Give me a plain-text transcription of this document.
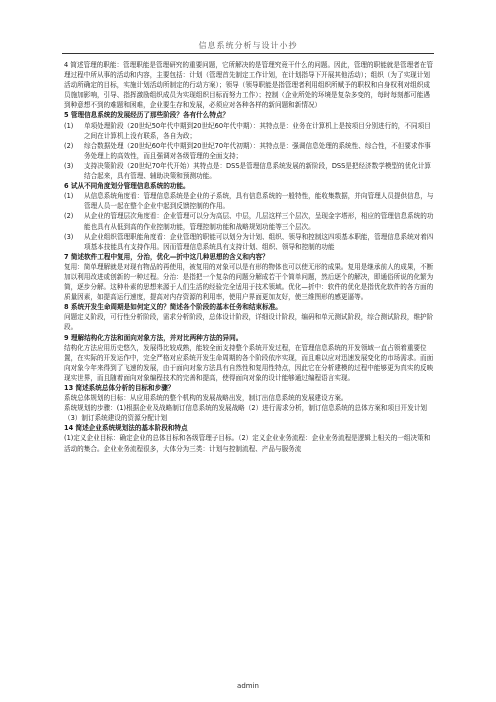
信息系统分析与设计小抄
4 简述管理的职能：管理职能是管理研究的重要问题，它所解决的是管理究竟干什么的问题。因此，管理的职能就是管理者在管理过程中所从事的活动和内容，主要包括：计划（管理首先制定工作计划，在计划指导下开展其他活动）；组织（为了实现计划活动所确定的目标，实施计划活动所制定的行动方案）；领导（领导职能是指管理者利用组织所赋予的职权和自身权利对组织成员施加影响，引导、指挥激励组织成员为实现组织目标而努力工作）；控制（企业所处的环境是复杂多变的，每时每刻都可能遇到种意想不到的难题和困难，企业要生存和发展，必须应对各种各样的新问题和新情况）
5 管理信息系统的发展经历了那些阶段？各有什么特点？
(1)	单项处理阶段（20世纪50年代中期到20世纪60年代中期）：其特点是：业务在计算机上是按项目分别进行的，不同项目之间在计算机上没有联系，各自为政；
(2)	综合数据处理（20世纪60年代中期到20世纪70年代初期）：其特点是：强调信息处理的系统性、综合性，不但要求作事务处理上的高效性，而且强调对各级管理的全面支持；
(3)	支持决策阶段（20世纪70年代开始）其特点是：DSS是管理信息系统发展的新阶段，DSS是把经济数学模型的优化计算结合起来，具有管理、辅助决策和预测功能。
6 试从不同角度划分管理信息系统的功能。
(1)	从信息系统角度看：管理信息系统是企业的子系统，具有信息系统的一般特性，能收集数据，并向管理人员提供信息，与管理人员一起在整个企业中起到反馈控制的作用。
(2)	从企业的管理层次角度看：企业管理可以分为高层、中层，几层这样三个层次，呈现金字塔形，相应的管理信息系统的功能也具有从低到高的作业控制功能，管理控制功能和战略规划功能等三个层次。
(3)	从企业组织管理职能角度看：企业管理的职能可以划分为计划、组织、领导和控制这四项基本职能，管理信息系统对着四项基本技能具有支持作用。因而管理信息系统具有支持计划、组织、领导和控制的功能
7 简述软件工程中复用，分治，优化—折中这几种思想的含义和内容？
复用：简单理解就是对现有物品的再使用，被复用的对象可以是有形的物体也可以使无形的成果。复用是继承前人的成果，不断加以利用改进或创新的一种过程。分治：是指把一个复杂的问题分解成若干个简单问题，然后逐个的解决，即通俗所说的化繁为简，逐步分解。这种朴素的思想来源于人们生活的经验完全适用于技术领域。优化—折中：软件的优化是指优化软件的各方面的质量因素，如提高运行速度，提高对内存资源的利用率，使用户界面更加友好，使三维图形的感更逼等。
8 系统开发生命周期是如何定义的？简述各个阶段的基本任务和结束标准。
问题定义阶段，可行性分析阶段，需求分析阶段，总体设计阶段，详细设计阶段，编码和单元测试阶段，综合测试阶段，维护阶段。
9 理解结构化方法和面向对象方法，并对比两种方法的异同。
结构化方法应用历史悠久，发展得比较成熟，能较全面支持整个系统开发过程，在管理信息系统的开发领域一直占领着重要位置，在实际的开发运作中，完全严格对应系统开发生命周期的各个阶段依序实现，而且难以应对迅速发展变化的市场需求。而面向对象今年来得到了飞速的发展，由于面向对象方法具有自然性和复用性特点，因此它在分析建模的过程中能够更为真实的反映现实世界，而且随着面向对象编程技术的完善和提高，使得面向对象的设计能够通过编程语言实现。
13 简述系统总体分析的目标和步骤？
系统总体规划的目标：从应用系统的整个机构的发展战略出发，制订出信息系统的发展建设方案。
系统规划的步骤：(1)根据企业及战略制订信息系统的发展战略（2）进行需求分析，制订信息系统的总体方案和项目开发计划（3）制订系统建设的资源分配计划
14 简述企业系统规划法的基本阶段和特点
(1)定义企业目标：确定企业的总体目标和各级管理子目标。（2）定义企业业务流程：企业业务流程是逻辑上相关的一组决策和活动的集合。企业业务流程很多，大体分为三类：计划与控制流程、产品与服务流
admin
